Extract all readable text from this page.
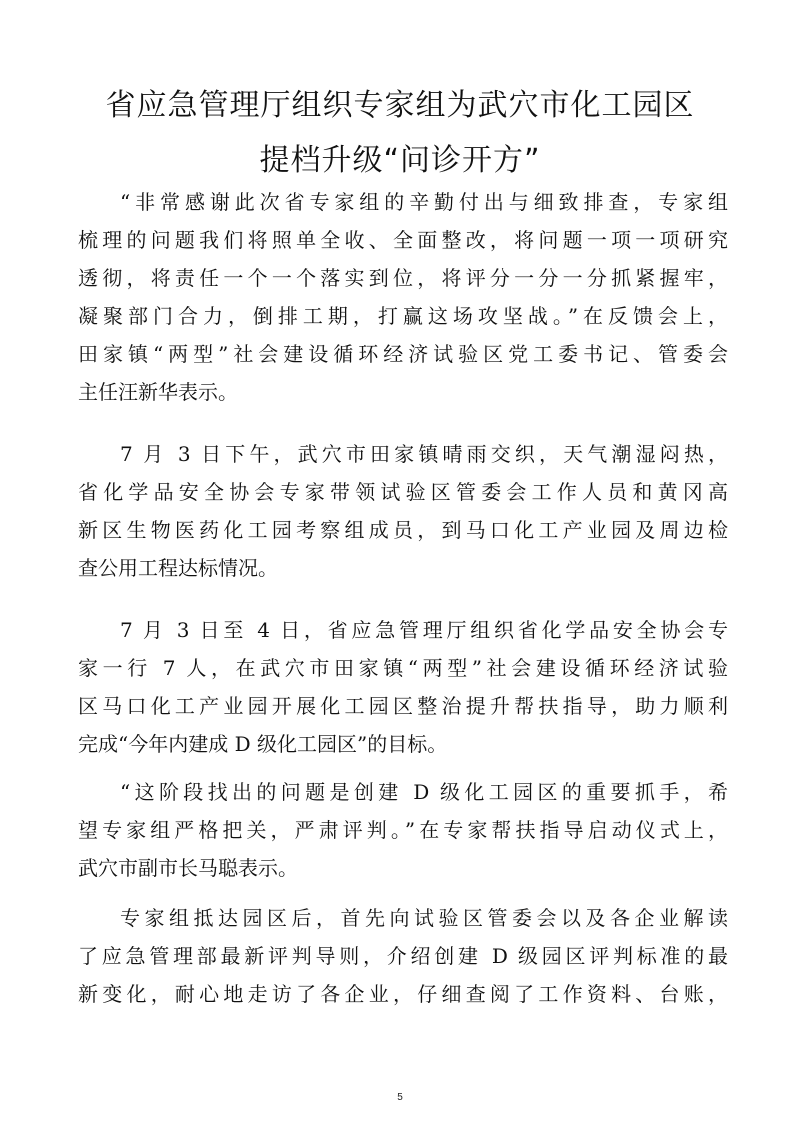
省应急管理厅组织专家组为武穴市化工园区
提档升级“问诊开方”
“非常感谢此次省专家组的辛勤付出与细致排查，专家组
梳理的问题我们将照单全收、全面整改，将问题一项一项研究
透彻，将责任一个一个落实到位，将评分一分一分抓紧握牢，
凝聚部门合力，倒排工期，打赢这场攻坚战。”在反馈会上，
田家镇“两型”社会建设循环经济试验区党工委书记、管委会
主任汪新华表示。
7 月 3 日下午，武穴市田家镇晴雨交织，天气潮湿闷热，
省化学品安全协会专家带领试验区管委会工作人员和黄冈高
新区生物医药化工园考察组成员，到马口化工产业园及周边检
查公用工程达标情况。
7 月 3 日至 4 日，省应急管理厅组织省化学品安全协会专
家一行 7 人，在武穴市田家镇“两型”社会建设循环经济试验
区马口化工产业园开展化工园区整治提升帮扶指导，助力顺利
完成“今年内建成 D 级化工园区”的目标。
“这阶段找出的问题是创建 D 级化工园区的重要抓手，希
望专家组严格把关，严肃评判。”在专家帮扶指导启动仪式上，
武穴市副市长马聪表示。
专家组抵达园区后，首先向试验区管委会以及各企业解读
了应急管理部最新评判导则，介绍创建 D 级园区评判标准的最
新变化，耐心地走访了各企业，仔细查阅了工作资料、台账，
5
